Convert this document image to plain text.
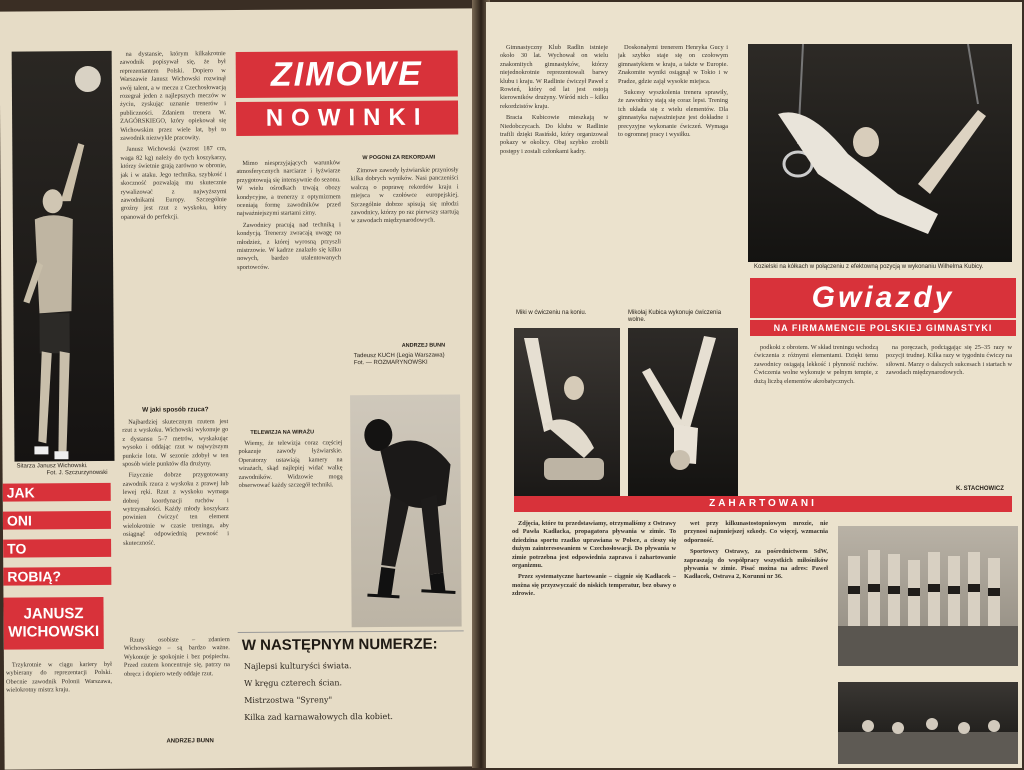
Sitarza Janusz Wichowski.
Fot. J. Szczurzynowski

na dystansie, którym kilkakrotnie zawodnik popisywał się, że był reprezentantem Polski. Dopiero w Warszawie Janusz Wichowski rozwinął swój talent, a w meczu z Czechosłowacją rozegrał jeden z najlepszych meczów w życiu, zyskując uznanie trenerów i publiczności. Zdaniem trenera W. ZAGÓRSKIEGO, który opiekował się Wichowskim przez wiele lat, był to zawodnik niezwykle pracowity.

Janusz Wichowski (wzrost 187 cm, waga 82 kg) należy do tych koszykarzy, którzy świetnie grają zarówno w obronie, jak i w ataku. Jego technika, szybkość i skoczność pozwalają mu skutecznie rywalizować z najwyższymi zawodnikami Europy. Szczególnie groźny jest rzut z wyskoku, który opanował do perfekcji.

W jaki sposób rzuca?

Najbardziej skutecznym rzutem jest rzut z wyskoku. Wichowski wykonuje go z dystansu 5–7 metrów, wyskakując wysoko i oddając rzut w najwyższym punkcie lotu. W sezonie zdobył w ten sposób wiele punktów dla drużyny.

Fizycznie dobrze przygotowany zawodnik rzuca z wyskoku z prawej lub lewej ręki. Rzut z wyskoku wymaga dobrej koordynacji ruchów i wytrzymałości. Każdy młody koszykarz powinien ćwiczyć ten element wielokrotnie w czasie treningu, aby osiągnąć odpowiednią pewność i skuteczność.

JAK
ONI
TO
ROBIĄ?
JANUSZ WICHOWSKI

Trzykrotnie w ciągu kariery był wybierany do reprezentacji Polski. Obecnie zawodnik Polonii Warszawa, wielokrotny mistrz kraju.

Rzuty osobiste – zdaniem Wichowskiego – są bardzo ważne. Wykonuje je spokojnie i bez pośpiechu. Przed rzutem koncentruje się, patrzy na obręcz i dopiero wtedy oddaje rzut.

ANDRZEJ BUNN
ZIMOWE
NOWINKI

Mimo niesprzyjających warunków atmosferycznych narciarze i łyżwiarze przygotowują się intensywnie do sezonu. W wielu ośrodkach trwają obozy kondycyjne, a trenerzy z optymizmem oceniają formę zawodników przed najważniejszymi startami zimy.

Zawodnicy pracują nad techniką i kondycją. Trenerzy zwracają uwagę na młodzież, z której wyrosną przyszli mistrzowie. W kadrze znalazło się kilku nowych, bardzo utalentowanych sportowców.

TELEWIZJA NA WIRAŻU

Wiemy, że telewizja coraz częściej pokazuje zawody łyżwiarskie. Operatorzy ustawiają kamery na wirażach, skąd najlepiej widać walkę zawodników. Widzowie mogą obserwować każdy szczegół techniki.

W POGONI ZA REKORDAMI

Zimowe zawody łyżwiarskie przyniosły kilka dobrych wyników. Nasi panczeniści walczą o poprawę rekordów kraju i miejsca w czołówce europejskiej. Szczególnie dobrze spisują się młodzi zawodnicy, którzy po raz pierwszy startują w zawodach międzynarodowych.

ANDRZEJ BUNN
Tadeusz KUCH (Legia Warszawa)
Fot. — ROZMARYNOWSKI
W NASTĘPNYM NUMERZE:
Najlepsi kulturyści świata.
W kręgu czterech ścian.
Mistrzostwa "Syreny"
Kilka zad karnawałowych dla kobiet.

Gimnastyczny Klub Radlin istnieje około 30 lat. Wychował on wielu znakomitych gimnastyków, którzy niejednokrotnie reprezentowali barwy klubu i kraju. W Radlinie ćwiczył Paweł z Rowień, który od lat jest ostoją kierowników drużyny. Wśród nich – kilku rekordzistów kraju.

Bracia Kubicowie mieszkają w Niedobczycach. Do klubu w Radlinie trafili dzięki Rasiński, który organizował pokazy w okolicy. Obaj szybko zrobili postępy i zostali członkami kadry.

Doskonałymi trenerem Henryka Gucy i jak szybko staje się on czołowym gimnastykiem w kraju, a także w Europie. Znakomite wyniki osiągnął w Tokio i w Pradze, gdzie zajął wysokie miejsca.

Sukcesy wyszkolenia trenera sprawiły, że zawodnicy stają się coraz lepsi. Trening ich układa się z wielu elementów. Dla gimnastyka najważniejsze jest dokładne i precyzyjne wykonanie ćwiczeń. Wymaga to ogromnej pracy i wysiłku.

Kozielski na kółkach w połączeniu z efektowną pozycją w wykonaniu Wilhelma Kubicy.
Miki w ćwiczeniu na koniu.	Mikołaj Kubica wykonuje ćwiczenia wolne.
Gwiazdy
NA FIRMAMENCIE POLSKIEJ GIMNASTYKI

podkoki z obrotem. W skład treningu wchodzą ćwiczenia z różnymi elementami. Dzięki temu zawodnicy osiągają lekkość i płynność ruchów. Ćwiczenia wolne wykonuje w pełnym tempie, z dużą liczbą elementów akrobatycznych.

na poręczach, podciągając się 25–35 razy w pozycji trudnej. Kilka razy w tygodniu ćwiczy na siłowni. Marzy o dalszych sukcesach i startach w zawodach międzynarodowych.

K. STACHOWICZ
ZAHARTOWANI

Zdjęcia, które tu przedstawiamy, otrzymaliśmy z Ostrawy od Pawła Kadłacka, propagatora pływania w zimie. To dziedzina sportu rzadko uprawiana w Polsce, a cieszy się dużym zainteresowaniem w Czechosłowacji. Do pływania w zimie potrzebna jest odpowiednia zaprawa i zahartowanie organizmu.

Przez systematyczne hartowanie – ciągnie się Kadłacek – można się przyzwyczaić do niskich temperatur, bez obawy o zdrowie.

wet przy kilkunastostopniowym mrozie, nie przynosi najmniejszej szkody. Co więcej, wzmacnia odporność.

Sportowcy Ostrawy, za pośrednictwem SdW, zapraszają do współpracy wszystkich miłośników pływania w zimie. Pisać można na adres: Paweł Kadłacek, Ostrava 2, Korunni nr 36.
